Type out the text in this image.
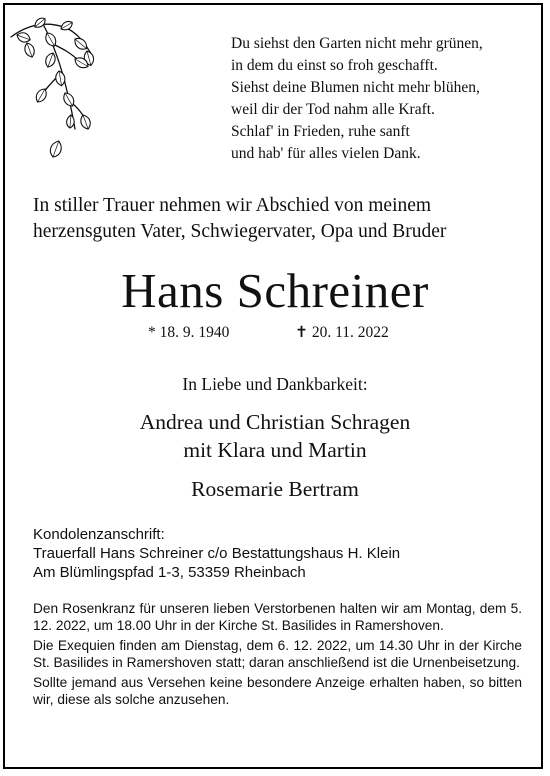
Du siehst den Garten nicht mehr grünen,
in dem du einst so froh geschafft.
Siehst deine Blumen nicht mehr blühen,
weil dir der Tod nahm alle Kraft.
Schlaf' in Frieden, ruhe sanft
und hab' für alles vielen Dank.
In stiller Trauer nehmen wir Abschied von meinem
herzensguten Vater, Schwiegervater, Opa und Bruder
Hans Schreiner
* 18. 9. 1940	✝ 20. 11. 2022
In Liebe und Dankbarkeit:
Andrea und Christian Schragen
mit Klara und Martin
Rosemarie Bertram
Kondolenzanschrift:
Trauerfall Hans Schreiner c/o Bestattungshaus H. Klein
Am Blümlingspfad 1-3, 53359 Rheinbach

Den Rosenkranz für unseren lieben Verstorbenen halten wir am Montag, dem 5. 12. 2022, um 18.00 Uhr in der Kirche St. Basilides in Ramershoven.

Die Exequien finden am Dienstag, dem 6. 12. 2022, um 14.30 Uhr in der Kirche St. Basilides in Ramershoven statt; daran anschließend ist die Urnenbeisetzung.

Sollte jemand aus Versehen keine besondere Anzeige erhalten haben, so bitten wir, diese als solche anzusehen.
